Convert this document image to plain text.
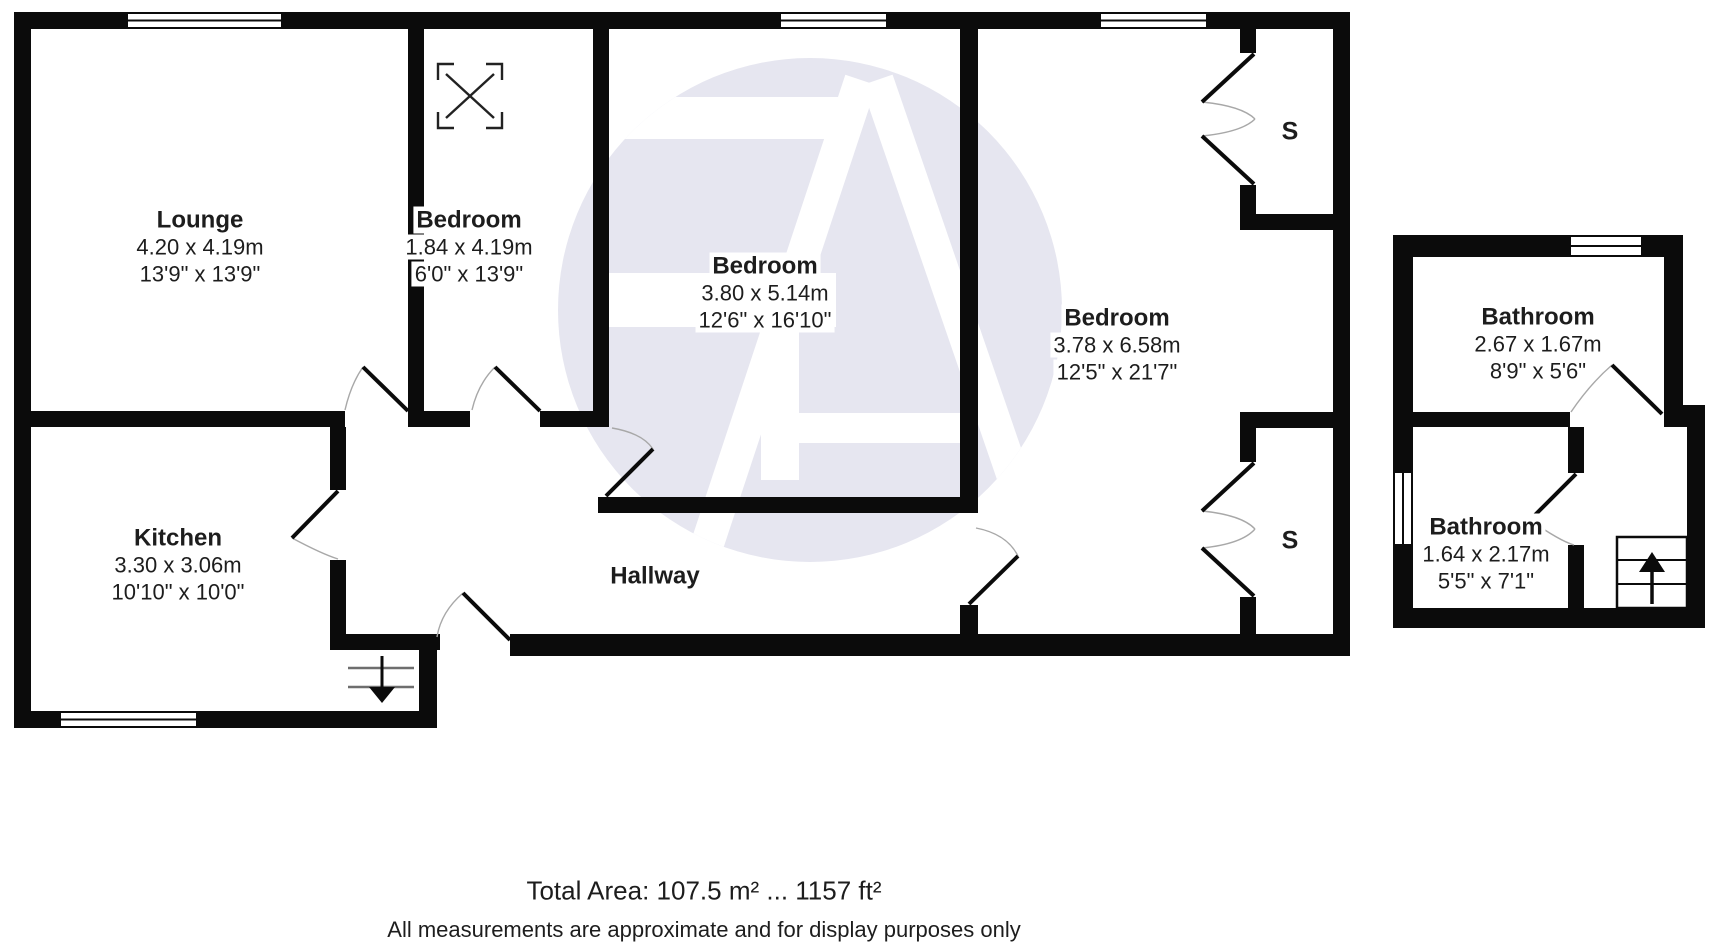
Lounge
4.20 x 4.19m
13'9" x 13'9"
Bedroom
1.84 x 4.19m
6'0" x 13'9"	Bedroom
3.80 x 5.14m
12'6" x 16'10"	Bedroom
3.78 x 6.58m
12'5" x 21'7"
Kitchen
3.30 x 3.06m
10'10" x 10'0"
Hallway
Bathroom
2.67 x 1.67m
8'9" x 5'6"
Bathroom
1.64 x 2.17m
5'5" x 7'1"
S
S
Total Area: 107.5 m² ... 1157 ft²
All measurements are approximate and for display purposes only
